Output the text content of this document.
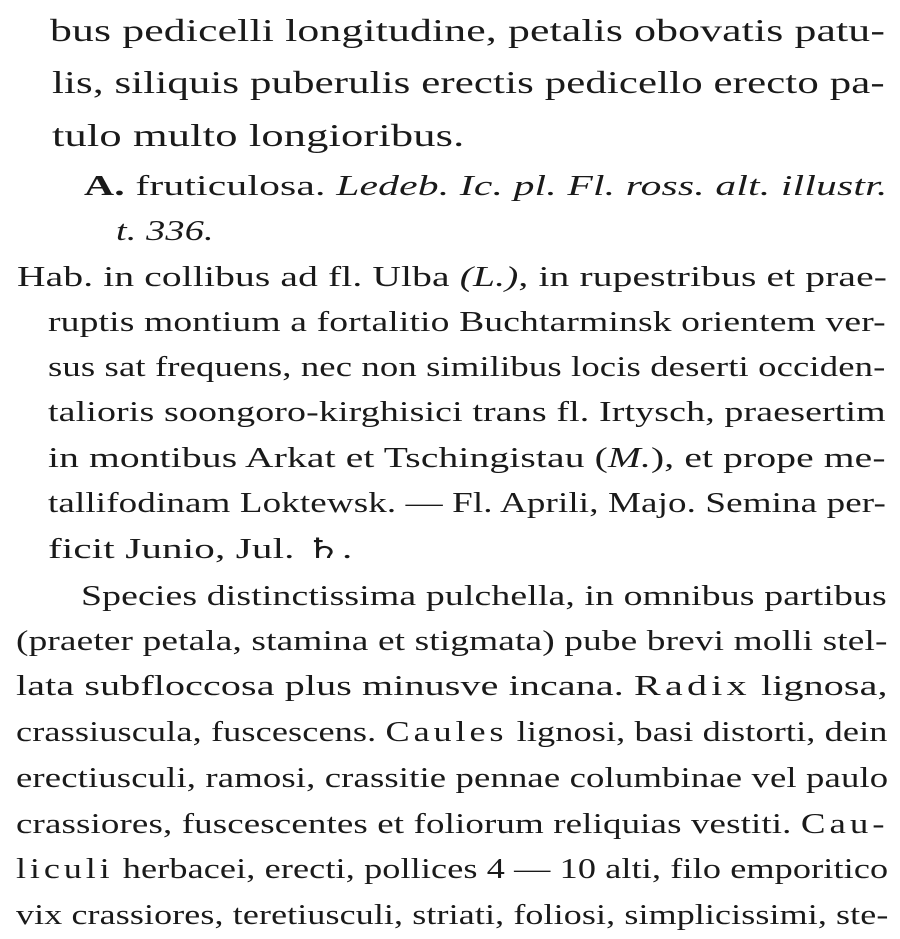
bus pedicelli longitudine, petalis obovatis patu-
lis, siliquis puberulis erectis pedicello erecto pa-
tulo multo longioribus.
A. fruticulosa. Ledeb. Ic. pl. Fl. ross. alt. illustr.
t. 336.
Hab. in collibus ad fl. Ulba (L.), in rupestribus et prae-
ruptis montium a fortalitio Buchtarminsk orientem ver-
sus sat frequens, nec non similibus locis deserti occiden-
talioris soongoro-kirghisici trans fl. Irtysch, praesertim
in montibus Arkat et Tschingistau (M.), et prope me-
tallifodinam Loktewsk. — Fl. Aprili, Majo. Semina per-
ficit Junio, Jul. ♄.
Species distinctissima pulchella, in omnibus partibus
(praeter petala, stamina et stigmata) pube brevi molli stel-
lata subfloccosa plus minusve incana. Radix lignosa,
crassiuscula, fuscescens. Caules lignosi, basi distorti, dein
erectiusculi, ramosi, crassitie pennae columbinae vel paulo
crassiores, fuscescentes et foliorum reliquias vestiti. Cau-
liculi herbacei, erecti, pollices 4 — 10 alti, filo emporitico
vix crassiores, teretiusculi, striati, foliosi, simplicissimi, ste-
